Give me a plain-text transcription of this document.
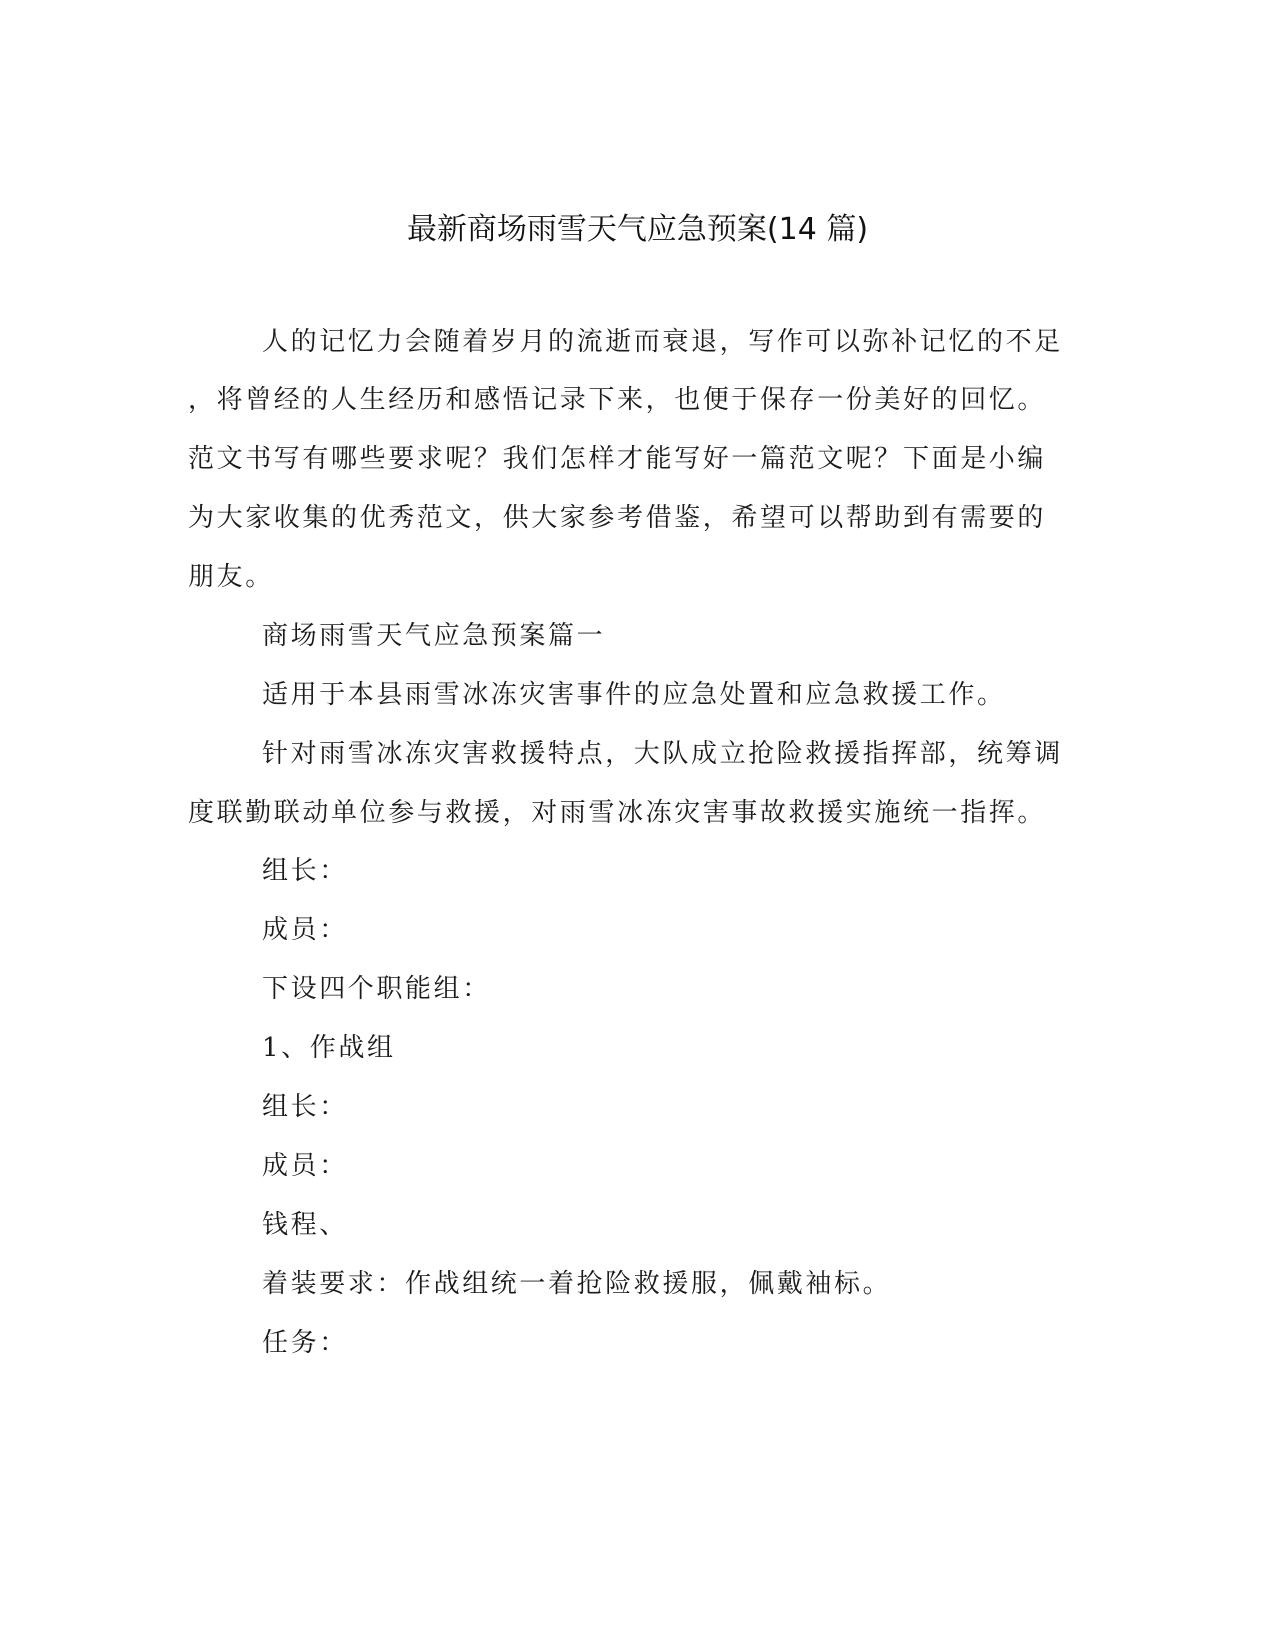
最新商场雨雪天气应急预案(14 篇)
人的记忆力会随着岁月的流逝而衰退，写作可以弥补记忆的不足
，将曾经的人生经历和感悟记录下来，也便于保存一份美好的回忆。
范文书写有哪些要求呢？我们怎样才能写好一篇范文呢？下面是小编
为大家收集的优秀范文，供大家参考借鉴，希望可以帮助到有需要的
朋友。
商场雨雪天气应急预案篇一
适用于本县雨雪冰冻灾害事件的应急处置和应急救援工作。
针对雨雪冰冻灾害救援特点，大队成立抢险救援指挥部，统筹调
度联勤联动单位参与救援，对雨雪冰冻灾害事故救援实施统一指挥。
组长：
成员：
下设四个职能组：
1、作战组
组长：
成员：
钱程、
着装要求：作战组统一着抢险救援服，佩戴袖标。
任务：
